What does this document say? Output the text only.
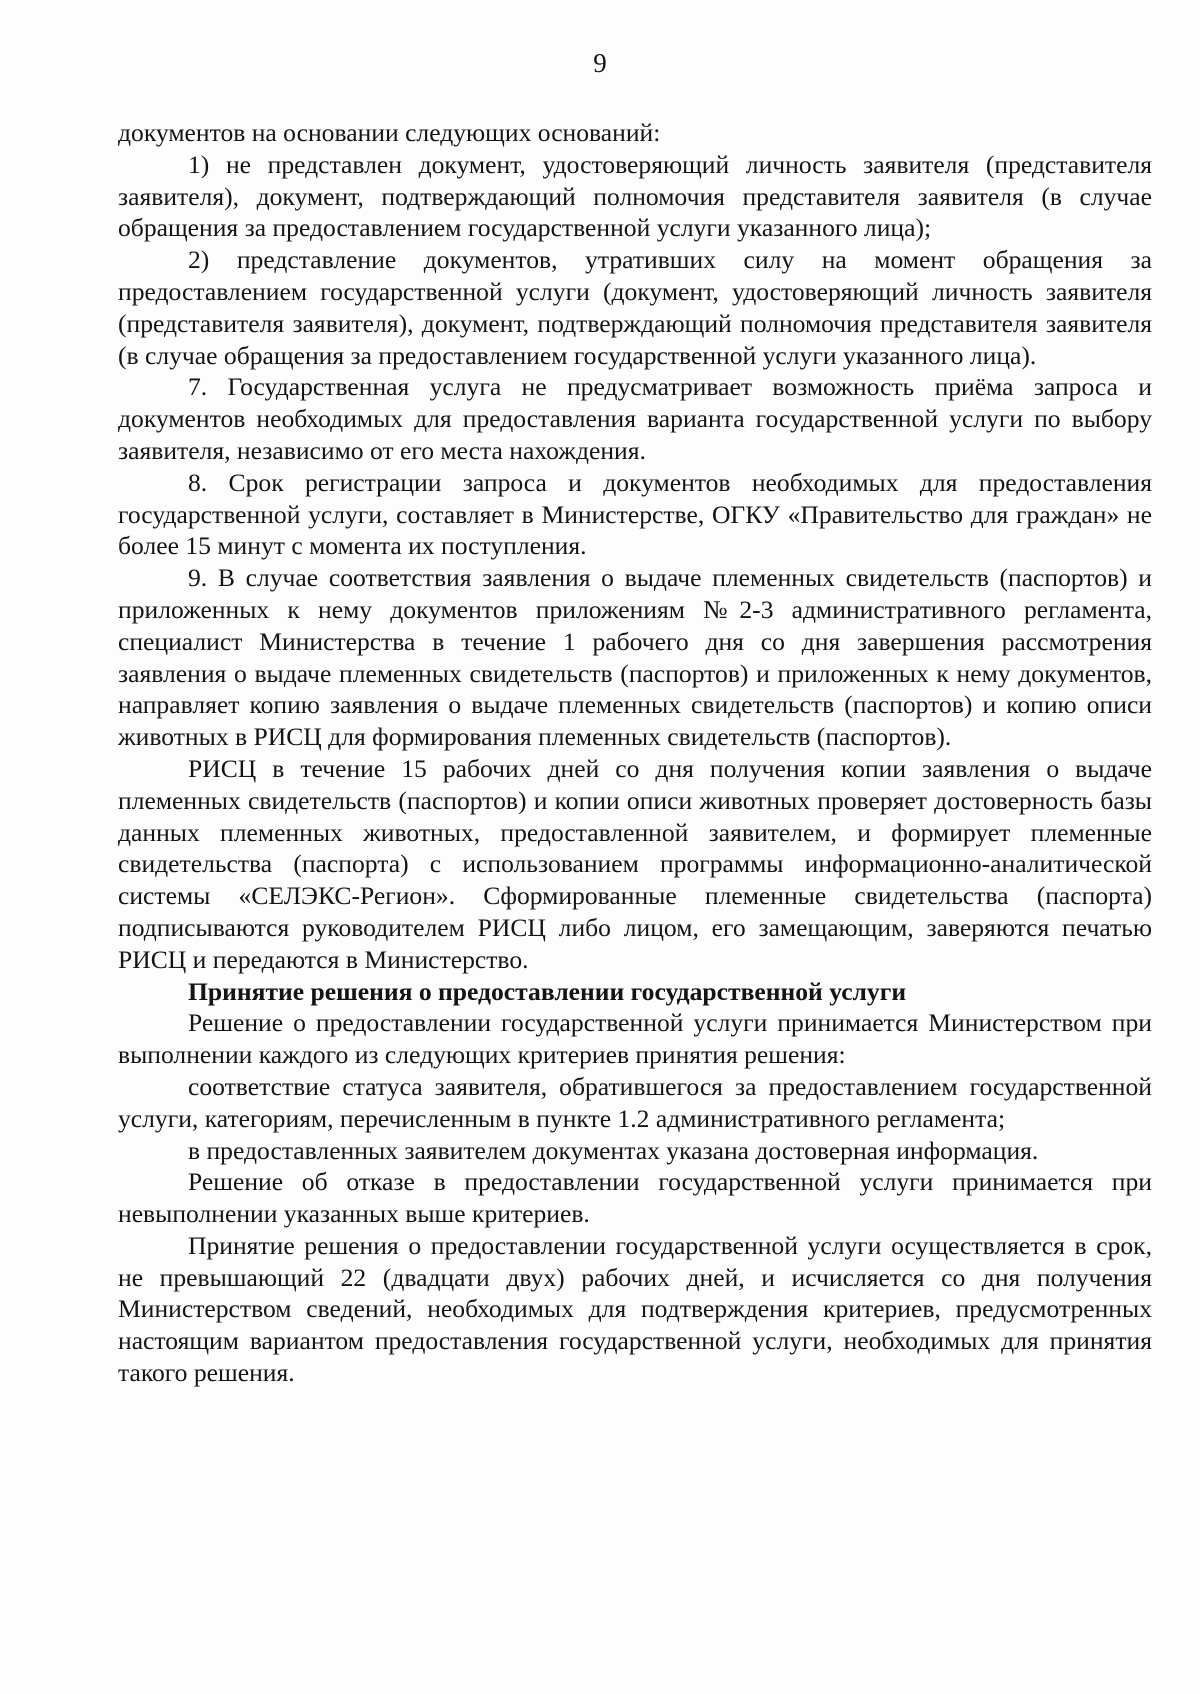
9

документов на основании следующих оснований:

1) не представлен документ, удостоверяющий личность заявителя (представителя заявителя), документ, подтверждающий полномочия представителя заявителя (в случае обращения за предоставлением государственной услуги указанного лица);

2) представление документов, утративших силу на момент обращения за предоставлением государственной услуги (документ, удостоверяющий личность заявителя (представителя заявителя), документ, подтверждающий полномочия представителя заявителя (в случае обращения за предоставлением государственной услуги указанного лица).

7. Государственная услуга не предусматривает возможность приёма запроса и документов необходимых для предоставления варианта государственной услуги по выбору заявителя, независимо от его места нахождения.

8. Срок регистрации запроса и документов необходимых для предоставления государственной услуги, составляет в Министерстве, ОГКУ «Правительство для граждан» не более 15 минут с момента их поступления.

9. В случае соответствия заявления о выдаче племенных свидетельств (паспортов) и приложенных к нему документов приложениям №2-3 административного регламента, специалист Министерства в течение 1 рабочего дня со дня завершения рассмотрения заявления о выдаче племенных свидетельств (паспортов) и приложенных к нему документов, направляет копию заявления о выдаче племенных свидетельств (паспортов) и копию описи животных в РИСЦ для формирования племенных свидетельств (паспортов).

РИСЦ в течение 15 рабочих дней со дня получения копии заявления о выдаче племенных свидетельств (паспортов) и копии описи животных проверяет достоверность базы данных племенных животных, предоставленной заявителем, и формирует племенные свидетельства (паспорта) с использованием программы информационно-аналитической системы «СЕЛЭКС-Регион». Сформированные племенные свидетельства (паспорта) подписываются руководителем РИСЦ либо лицом, его замещающим, заверяются печатью РИСЦ и передаются в Министерство.

Принятие решения о предоставлении государственной услуги

Решение о предоставлении государственной услуги принимается Министерством при выполнении каждого из следующих критериев принятия решения:

соответствие статуса заявителя, обратившегося за предоставлением государственной услуги, категориям, перечисленным в пункте 1.2 административного регламента;

в предоставленных заявителем документах указана достоверная информация.

Решение об отказе в предоставлении государственной услуги принимается при невыполнении указанных выше критериев.

Принятие решения о предоставлении государственной услуги осуществляется в срок, не превышающий 22 (двадцати двух) рабочих дней, и исчисляется со дня получения Министерством сведений, необходимых для подтверждения критериев, предусмотренных настоящим вариантом предоставления государственной услуги, необходимых для принятия такого решения.
